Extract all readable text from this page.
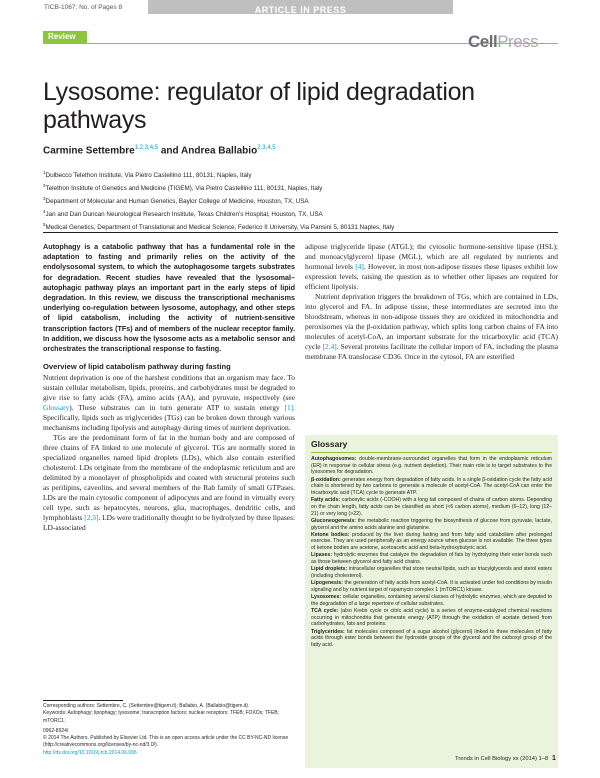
TICB-1067; No. of Pages 8	ARTICLE IN PRESS
Review	CellPress
Lysosome: regulator of lipid degradation pathways
Carmine Settembre$^{1,2,3,4,5}$ and Andrea Ballabio$^{2,3,4,5}$
$^1$Dulbecco Telethon Institute, Via Pietro Castellino 111, 80131, Naples, Italy
$^2$Telethon Institute of Genetics and Medicine (TIGEM), Via Pietro Castellino 111, 80131, Naples, Italy
$^3$Department of Molecular and Human Genetics, Baylor College of Medicine, Houston, TX, USA
$^4$Jan and Dan Duncan Neurological Research Institute, Texas Children’s Hospital, Houston, TX, USA
$^5$Medical Genetics, Department of Translational and Medical Science, Federico II University, Via Pansini 5, 80131 Naples, Italy

Autophagy is a catabolic pathway that has a fundamental role in the adaptation to fasting and primarily relies on the activity of the endolysosomal system, to which the autophagosome targets substrates for degradation. Recent studies have revealed that the lysosomal–autophagic pathway plays an important part in the early steps of lipid degradation. In this review, we discuss the transcriptional mechanisms underlying co-regulation between lysosome, autophagy, and other steps of lipid catabolism, including the activity of nutrient-sensitive transcription factors (TFs) and of members of the nuclear receptor family. In addition, we discuss how the lysosome acts as a metabolic sensor and orchestrates the transcriptional response to fasting.

Overview of lipid catabolism pathway during fasting

Nutrient deprivation is one of the harshest conditions that an organism may face. To sustain cellular metabolism, lipids, proteins, and carbohydrates must be degraded to give rise to fatty acids (FA), amino acids (AA), and pyruvate, respectively (see Glossary). These substrates can in turn generate ATP to sustain energy [1]. Specifically, lipids such as triglycerides (TGs) can be broken down through various mechanisms including lipolysis and autophagy during times of nutrient deprivation.

TGs are the predominant form of fat in the human body and are composed of three chains of FA linked to one molecule of glycerol. TGs are normally stored in specialized organelles named lipid droplets (LDs), which also contain esterified cholesterol. LDs originate from the membrane of the endoplasmic reticulum and are delimited by a monolayer of phospholipids and coated with structural proteins such as perilipins, caveolins, and several members of the Rab family of small GTPases. LDs are the main cytosolic component of adipocytes and are found in virtually every cell type, such as hepatocytes, neurons, glia, macrophages, dendritic cells, and lymphoblasts [2,3]. LDs were traditionally thought to be hydrolyzed by three lipases: LD-associated

Corresponding authors: Settembre, C. (Settembre@tigem.it); Ballabio, A. (Ballabio@tigem.it).
Keywords: Autophagy; lipophagy; lysosome; transcription factors; nuclear receptors; TFEB; FOXOs; TFEB; mTORC1.
0962-8924/
© 2014 The Authors. Published by Elsevier Ltd. This is an open access article under the CC BY-NC-ND license (http://creativecommons.org/licenses/by-nc-nd/3.0/).
http://dx.doi.org/10.1016/j.tcb.2014.06.006

adipose triglyceride lipase (ATGL); the cytosolic hormone-sensitive lipase (HSL); and monoacylglycerol lipase (MGL), which are all regulated by nutrients and hormonal levels [4]. However, in most non-adipose tissues these lipases exhibit low expression levels, raising the question as to whether other lipases are required for efficient lipolysis.

Nutrient deprivation triggers the breakdown of TGs, which are contained in LDs, into glycerol and FA. In adipose tissue, these intermediates are secreted into the bloodstream, whereas in non-adipose tissues they are oxidized in mitochondria and peroxisomes via the β-oxidation pathway, which splits long carbon chains of FA into molecules of acetyl-CoA, an important substrate for the tricarboxylic acid (TCA) cycle [2,4]. Several proteins facilitate the cellular import of FA, including the plasma membrane FA translocase CD36. Once in the cytosol, FA are esterified

Glossary

Autophagosomes: double-membrane-surrounded organelles that form in the endoplasmic reticulum (ER) in response to cellular stress (e.g. nutrient depletion). Their main role is to target substrates to the lysosomes for degradation.

β-oxidation: generates energy from degradation of fatty acids. In a single β-oxidation cycle the fatty acid chain is shortened by two carbons to generate a molecule of acetyl-CoA. The acetyl-CoA can enter the tricarboxylic acid (TCA) cycle to generate ATP.

Fatty acids: carboxylic acids (-COOH) with a long tail composed of chains of carbon atoms. Depending on the chain length, fatty acids can be classified as short (<6 carbon atoms), medium (6–12), long (12–21) or very long (>22).

Gluconeogenesis: the metabolic reaction triggering the biosynthesis of glucose from pyruvate, lactate, glycerol and the amino acids alanine and glutamine.

Ketone bodies: produced by the liver during fasting and from fatty acid catabolism after prolonged exercise. They are used peripherally as an energy source when glucose is not available. The three types of ketone bodies are acetone, acetoacetic acid and beta-hydroxybutyric acid.

Lipases: hydrolytic enzymes that catalyze the degradation of fats by hydrolyzing their ester bonds such as those between glycerol and fatty acid chains.

Lipid droplets: intracellular organelles that store neutral lipids, such as triacylglycerols and sterol esters (including cholesterol).

Lipogenesis: the generation of fatty acids from acetyl-CoA. It is activated under fed conditions by insulin signaling and by nutrient target of rapamycin complex 1 (mTORC1) kinase.

Lysosomes: cellular organelles, containing several classes of hydrolytic enzymes, which are deputed to the degradation of a large repertoire of cellular substrates.

TCA cycle: (also Krebs cycle or citric acid cycle) is a series of enzyme-catalyzed chemical reactions occurring in mitochondria that generate energy (ATP) through the oxidation of acetate derived from carbohydrates, fats and proteins.

Triglycerides: fat molecules composed of a sugar alcohol (glycerol) linked to three molecules of fatty acids through ester bonds between the hydroxide groups of the glycerol and the carboxyl group of the fatty acid.

Trends in Cell Biology xx (2014) 1–8 1
